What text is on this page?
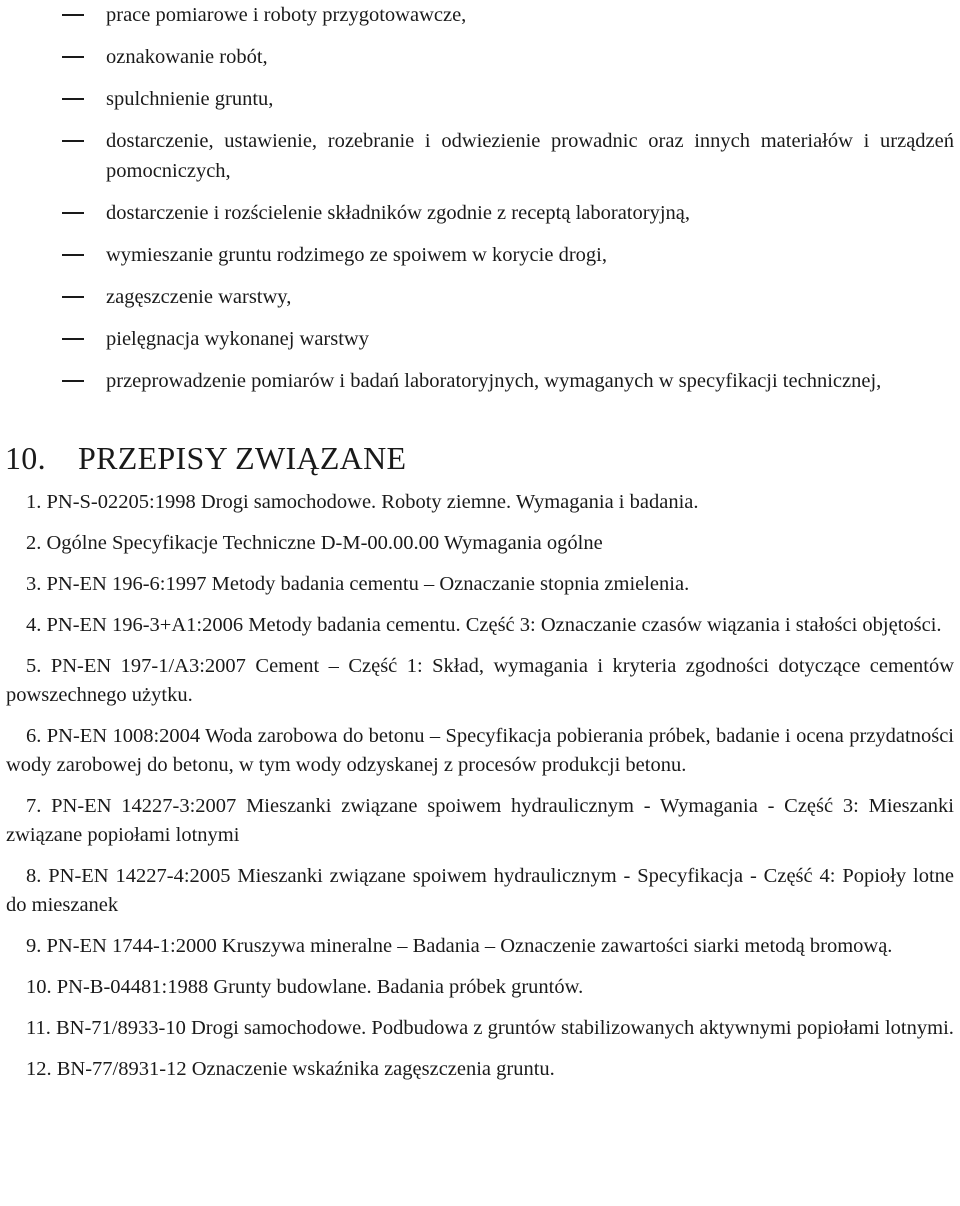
prace pomiarowe i roboty przygotowawcze,
oznakowanie robót,
spulchnienie gruntu,
dostarczenie, ustawienie, rozebranie i odwiezienie prowadnic oraz innych materiałów i urządzeń pomocniczych,
dostarczenie i rozścielenie składników zgodnie z receptą laboratoryjną,
wymieszanie gruntu rodzimego ze spoiwem w korycie drogi,
zagęszczenie warstwy,
pielęgnacja wykonanej warstwy
przeprowadzenie pomiarów i badań laboratoryjnych, wymaganych w specyfikacji technicznej,
10. PRZEPISY ZWIĄZANE
1. PN-S-02205:1998 Drogi samochodowe. Roboty ziemne. Wymagania i badania.
2. Ogólne Specyfikacje Techniczne D-M-00.00.00 Wymagania ogólne
3. PN-EN 196-6:1997 Metody badania cementu – Oznaczanie stopnia zmielenia.
4. PN-EN 196-3+A1:2006 Metody badania cementu. Część 3: Oznaczanie czasów wiązania i stałości objętości.
5. PN-EN 197-1/A3:2007 Cement – Część 1: Skład, wymagania i kryteria zgodności dotyczące cementów powszechnego użytku.
6. PN-EN 1008:2004 Woda zarobowa do betonu – Specyfikacja pobierania próbek, badanie i ocena przydatności wody zarobowej do betonu, w tym wody odzyskanej z procesów produkcji betonu.
7. PN-EN 14227-3:2007 Mieszanki związane spoiwem hydraulicznym - Wymagania - Część 3: Mieszanki związane popiołami lotnymi
8. PN-EN 14227-4:2005 Mieszanki związane spoiwem hydraulicznym - Specyfikacja - Część 4: Popioły lotne do mieszanek
9. PN-EN 1744-1:2000 Kruszywa mineralne – Badania – Oznaczenie zawartości siarki metodą bromową.
10. PN-B-04481:1988 Grunty budowlane. Badania próbek gruntów.
11. BN-71/8933-10 Drogi samochodowe. Podbudowa z gruntów stabilizowanych aktywnymi popiołami lotnymi.
12. BN-77/8931-12 Oznaczenie wskaźnika zagęszczenia gruntu.
